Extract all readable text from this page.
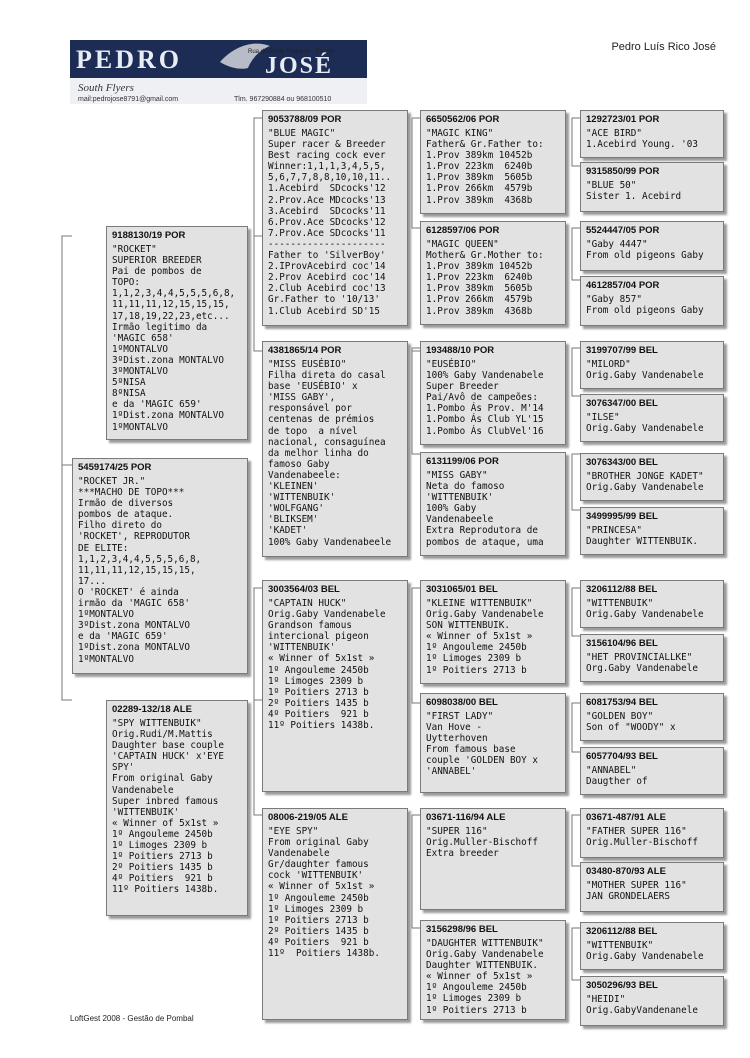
PEDRO	JOSÉ
Rua do Ponte Pequeno - Fuseta
South Flyers
mail:pedrojose8791@gmail.com	Tlm. 967290884 ou 968100510
Pedro Luís Rico José
5459174/25 POR
"ROCKET JR."
***MACHO DE TOPO***
Irmão de diversos
pombos de ataque.
Filho direto do
'ROCKET', REPRODUTOR
DE ELITE:
1,1,2,3,4,4,5,5,5,6,8,
11,11,11,12,15,15,15,
17...
O 'ROCKET' é ainda
irmão da 'MAGIC 658'
1ºMONTALVO
3ºDist.zona MONTALVO
e da 'MAGIC 659'
1ºDist.zona MONTALVO
1ºMONTALVO
9188130/19 POR
"ROCKET"
SUPERIOR BREEDER
Pai de pombos de
TOPO:
1,1,2,3,4,4,5,5,5,6,8,
11,11,11,12,15,15,15,
17,18,19,22,23,etc...
Irmão legitimo da
'MAGIC 658'
1ºMONTALVO
3ºDist.zona MONTALVO
3ºMONTALVO
5ºNISA
8ºNISA
e da 'MAGIC 659'
1ºDist.zona MONTALVO
1ºMONTALVO
02289-132/18 ALE
"SPY WITTENBUIK"
Orig.Rudi/M.Mattis
Daughter base couple
'CAPTAIN HUCK' x'EYE
SPY'
From original Gaby
Vandenabele
Super inbred famous
'WITTENBUIK'
« Winner of 5x1st »
1º Angouleme 2450b
1º Limoges 2309 b
1º Poitiers 2713 b
2º Poitiers 1435 b
4º Poitiers  921 b
11º Poitiers 1438b.
9053788/09 POR
"BLUE MAGIC"
Super racer & Breeder
Best racing cock ever
Winner:1,1,1,3,4,5,5,
5,6,7,7,8,8,10,10,11..
1.Acebird  SDcocks'12
2.Prov.Ace MDcocks'13
3.Acebird  SDcocks'11
6.Prov.Ace SDcocks'12
7.Prov.Ace SDcocks'11
---------------------
Father to 'SilverBoy'
2.IProvAcebird coc'14
2.Prov Acebird coc'14
2.Club Acebird coc'13
Gr.Father to '10/13'
1.Club Acebird SD'15
4381865/14 POR
"MISS EUSÉBIO"
Filha direta do casal
base 'EUSÉBIO' x
'MISS GABY',
responsável por
centenas de prémios
de topo  a nível
nacional, consaguínea
da melhor linha do
famoso Gaby
Vandenabeele:
'KLEINEN'
'WITTENBUIK'
'WOLFGANG'
'BLIKSEM'
'KADET'
100% Gaby Vandenabeele
3003564/03 BEL
"CAPTAIN HUCK"
Orig.Gaby Vandenabele
Grandson famous
intercional pigeon
'WITTENBUIK'
« Winner of 5x1st »
1º Angouleme 2450b
1º Limoges 2309 b
1º Poitiers 2713 b
2º Poitiers 1435 b
4º Poitiers  921 b
11º Poitiers 1438b.
08006-219/05 ALE
"EYE SPY"
From original Gaby
Vandenabele
Gr/daughter famous
cock 'WITTENBUIK'
« Winner of 5x1st »
1º Angouleme 2450b
1º Limoges 2309 b
1º Poitiers 2713 b
2º Poitiers 1435 b
4º Poitiers  921 b
11º  Poitiers 1438b.
6650562/06 POR
"MAGIC KING"
Father& Gr.Father to:
1.Prov 389km 10452b
1.Prov 223km  6240b
1.Prov 389km  5605b
1.Prov 266km  4579b
1.Prov 389km  4368b
6128597/06 POR
"MAGIC QUEEN"
Mother& Gr.Mother to:
1.Prov 389km 10452b
1.Prov 223km  6240b
1.Prov 389km  5605b
1.Prov 266km  4579b
1.Prov 389km  4368b
193488/10 POR
"EUSÉBIO"
100% Gaby Vandenabele
Super Breeder
Pai/Avô de campeões:
1.Pombo Ás Prov. M'14
1.Pombo Ás Club YL'15
1.Pombo Ás ClubVel'16
6131199/06 POR
"MISS GABY"
Neta do famoso
'WITTENBUIK'
100% Gaby
Vandenabeele
Extra Reprodutora de
pombos de ataque, uma
3031065/01 BEL
"KLEINE WITTENBUIK"
Orig.Gaby Vandenabele
SON WITTENBUIK.
« Winner of 5x1st »
1º Angouleme 2450b
1º Limoges 2309 b
1º Poitiers 2713 b
6098038/00 BEL
"FIRST LADY"
Van Hove -
Uytterhoven
From famous base
couple 'GOLDEN BOY x
'ANNABEL'
03671-116/94 ALE
"SUPER 116"
Orig.Muller-Bischoff
Extra breeder
3156298/96 BEL
"DAUGHTER WITTENBUIK"
Orig.Gaby Vandenabele
Daughter WITTENBUIK.
« Winner of 5x1st »
1º Angouleme 2450b
1º Limoges 2309 b
1º Poitiers 2713 b
1292723/01 POR
"ACE BIRD"
1.Acebird Young. '03
9315850/99 POR
"BLUE 50"
Sister 1. Acebird
5524447/05 POR
"Gaby 4447"
From old pigeons Gaby
4612857/04 POR
"Gaby 857"
From old pigeons Gaby
3199707/99 BEL
"MILORD"
Orig.Gaby Vandenabele
3076347/00 BEL
"ILSE"
Orig.Gaby Vandenabele
3076343/00 BEL
"BROTHER JONGE KADET"
Orig.Gaby Vandenabele
3499995/99 BEL
"PRINCESA"
Daughter WITTENBUIK.
3206112/88 BEL
"WITTENBUIK"
Orig.Gaby Vandenabele
3156104/96 BEL
"HET PROVINCIALLKE"
Org.Gaby Vandenabele
6081753/94 BEL
"GOLDEN BOY"
Son of "WOODY" x
6057704/93 BEL
"ANNABEL"
Daugther of
03671-487/91 ALE
"FATHER SUPER 116"
Orig.Muller-Bischoff
03480-870/93 ALE
"MOTHER SUPER 116"
JAN GRONDELAERS
3206112/88 BEL
"WITTENBUIK"
Orig.Gaby Vandenabele
3050296/93 BEL
"HEIDI"
Orig.GabyVandenanele
LoftGest 2008 - Gestão de Pombal
